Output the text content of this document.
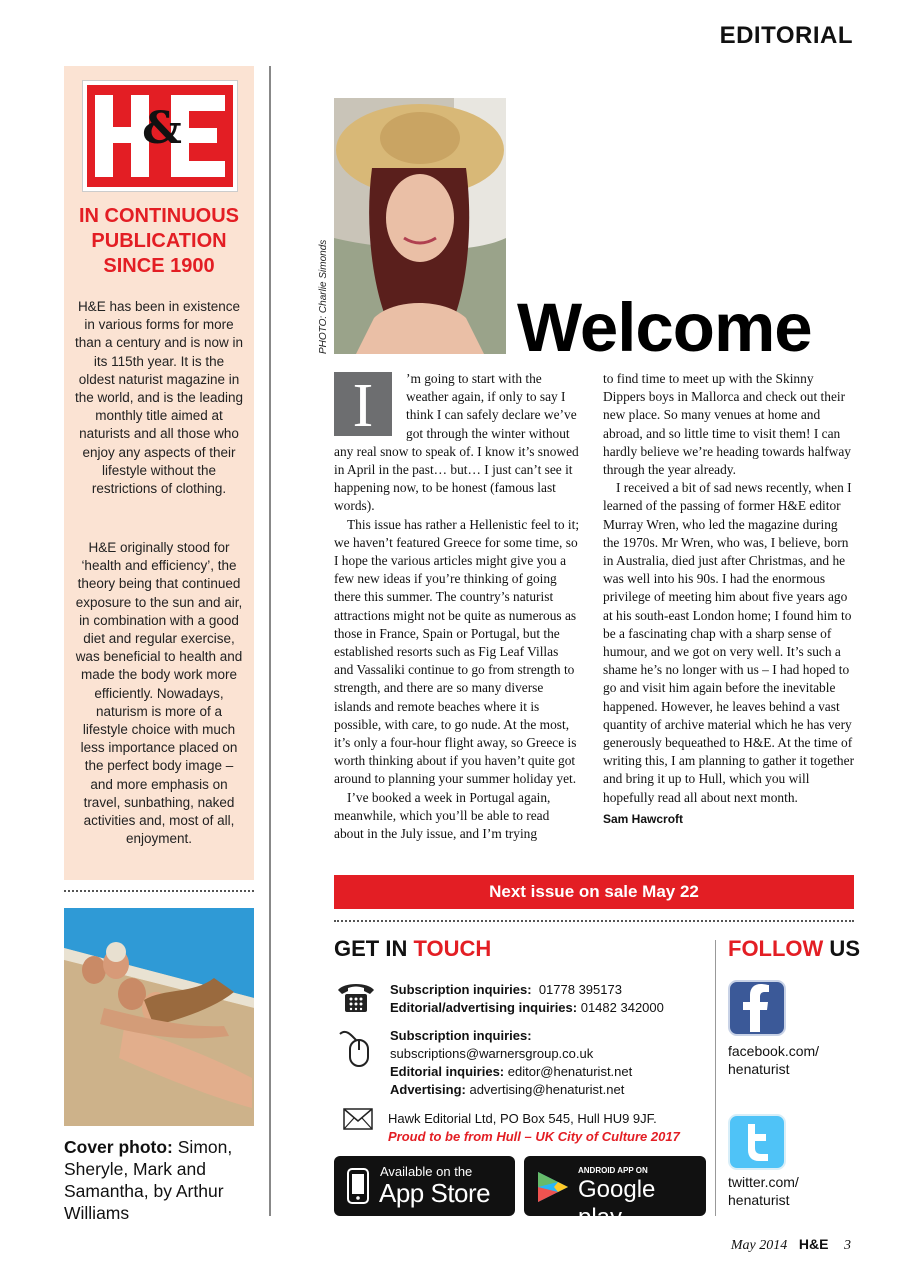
EDITORIAL
&
IN CONTINUOUS
PUBLICATION
SINCE 1900
H&E has been in existence in various forms for more than a century and is now in its 115th year. It is the oldest naturist magazine in the world, and is the leading monthly title aimed at naturists and all those who enjoy any aspects of their lifestyle without the restrictions of clothing.
H&E originally stood for ‘health and efficiency’, the theory being that continued exposure to the sun and air, in combination with a good diet and regular exercise, was beneficial to health and made the body work more efficiently. Nowadays, naturism is more of a lifestyle choice with much less importance placed on the perfect body image – and more emphasis on travel, sunbathing, naked activities and, most of all, enjoyment.
Cover photo: Simon, Sheryle, Mark and Samantha, by Arthur Williams
PHOTO: Charlie Simonds	Welcome
I	’m going to start with the weather again, if only to say I think I can safely declare we’ve got through the winter without any real snow to speak of. I know it’s snowed in April in the past… but… I just can’t see it happening now, to be honest (famous last words).

This issue has rather a Hellenistic feel to it; we haven’t featured Greece for some time, so I hope the various articles might give you a few new ideas if you’re thinking of going there this summer. The country’s naturist attractions might not be quite as numerous as those in France, Spain or Portugal, but the established resorts such as Fig Leaf Villas and Vassaliki continue to go from strength to strength, and there are so many diverse islands and remote beaches where it is possible, with care, to go nude. At the most, it’s only a four-hour flight away, so Greece is worth thinking about if you haven’t quite got around to planning your summer holiday yet.

I’ve booked a week in Portugal again, meanwhile, which you’ll be able to read about in the July issue, and I’m trying

to find time to meet up with the Skinny Dippers boys in Mallorca and check out their new place. So many venues at home and abroad, and so little time to visit them! I can hardly believe we’re heading towards halfway through the year already.

I received a bit of sad news recently, when I learned of the passing of former H&E editor Murray Wren, who led the magazine during the 1970s. Mr Wren, who was, I believe, born in Australia, died just after Christmas, and he was well into his 90s. I had the enormous privilege of meeting him about five years ago at his south-east London home; I found him to be a fascinating chap with a sharp sense of humour, and we got on very well. It’s such a shame he’s no longer with us – I had hoped to go and visit him again before the inevitable happened. However, he leaves behind a vast quantity of archive material which he has very generously bequeathed to H&E. At the time of writing this, I am planning to gather it together and bring it up to Hull, which you will hopefully read all about next month.

Sam Hawcroft
Next issue on sale May 22
GET IN TOUCH
Subscription inquiries: 01778 395173
Editorial/advertising inquiries: 01482 342000
Subscription inquiries: subscriptions@warnersgroup.co.uk
Editorial inquiries: editor@henaturist.net
Advertising: advertising@henaturist.net
Hawk Editorial Ltd, PO Box 545, Hull HU9 9JF.
Proud to be from Hull – UK City of Culture 2017
Available on the
App Store
ANDROID APP ON
Google play
FOLLOW US
facebook.com/
henaturist
twitter.com/
henaturist
May 2014 H&E 3
